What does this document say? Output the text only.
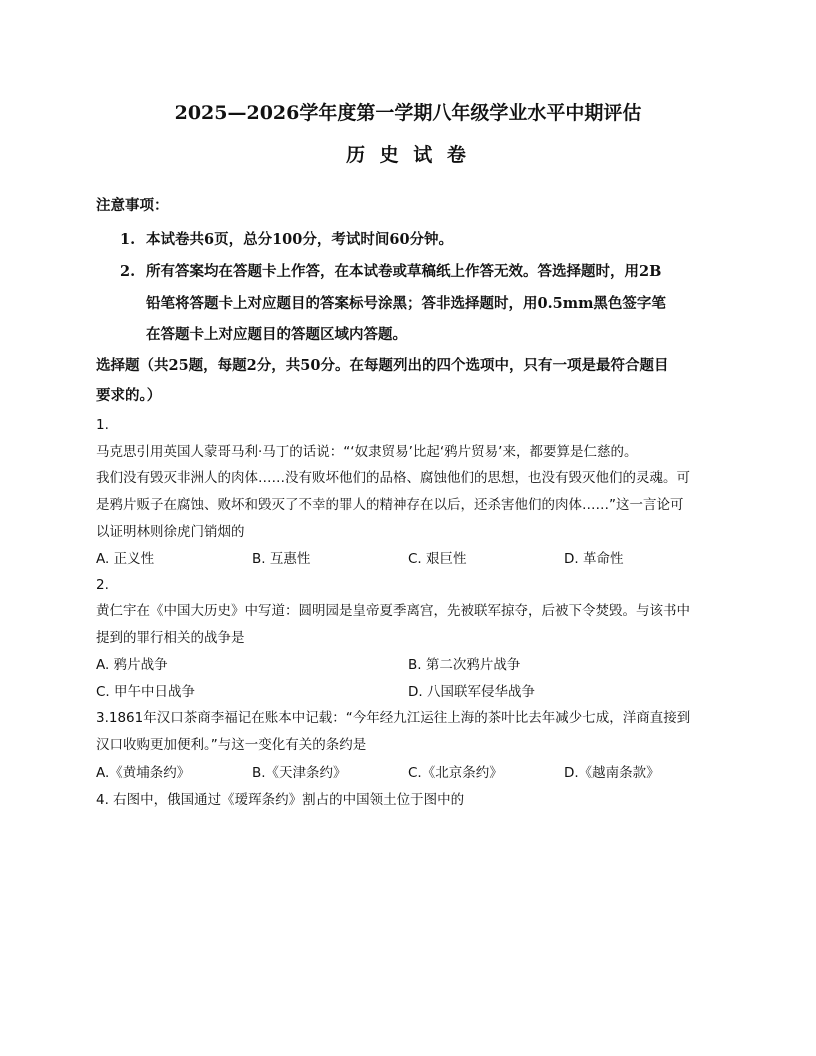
2025—2026学年度第一学期八年级学业水平中期评估
历 史 试 卷
注意事项：
1. 本试卷共6页，总分100分，考试时间60分钟。
2. 所有答案均在答题卡上作答，在本试卷或草稿纸上作答无效。答选择题时，用2B
铅笔将答题卡上对应题目的答案标号涂黑；答非选择题时，用0.5mm黑色签字笔
在答题卡上对应题目的答题区域内答题。
选择题（共25题，每题2分，共50分。在每题列出的四个选项中，只有一项是最符合题目
要求的。）
1.
马克思引用英国人蒙哥马利·马丁的话说：“‘奴隶贸易’比起‘鸦片贸易’来，都要算是仁慈的。
我们没有毁灭非洲人的肉体……没有败坏他们的品格、腐蚀他们的思想，也没有毁灭他们的灵魂。可
是鸦片贩子在腐蚀、败坏和毁灭了不幸的罪人的精神存在以后，还杀害他们的肉体……”这一言论可
以证明林则徐虎门销烟的
A. 正义性	B. 互惠性	C. 艰巨性	D. 革命性
2.
黄仁宇在《中国大历史》中写道：圆明园是皇帝夏季离宫，先被联军掠夺，后被下令焚毁。与该书中
提到的罪行相关的战争是
A. 鸦片战争	B. 第二次鸦片战争
C. 甲午中日战争	D. 八国联军侵华战争
3.1861年汉口茶商李福记在账本中记载：“今年经九江运往上海的茶叶比去年减少七成，洋商直接到
汉口收购更加便利。”与这一变化有关的条约是
A.《黄埔条约》	B.《天津条约》	C.《北京条约》	D.《越南条款》
4. 右图中，俄国通过《瑷珲条约》割占的中国领土位于图中的
